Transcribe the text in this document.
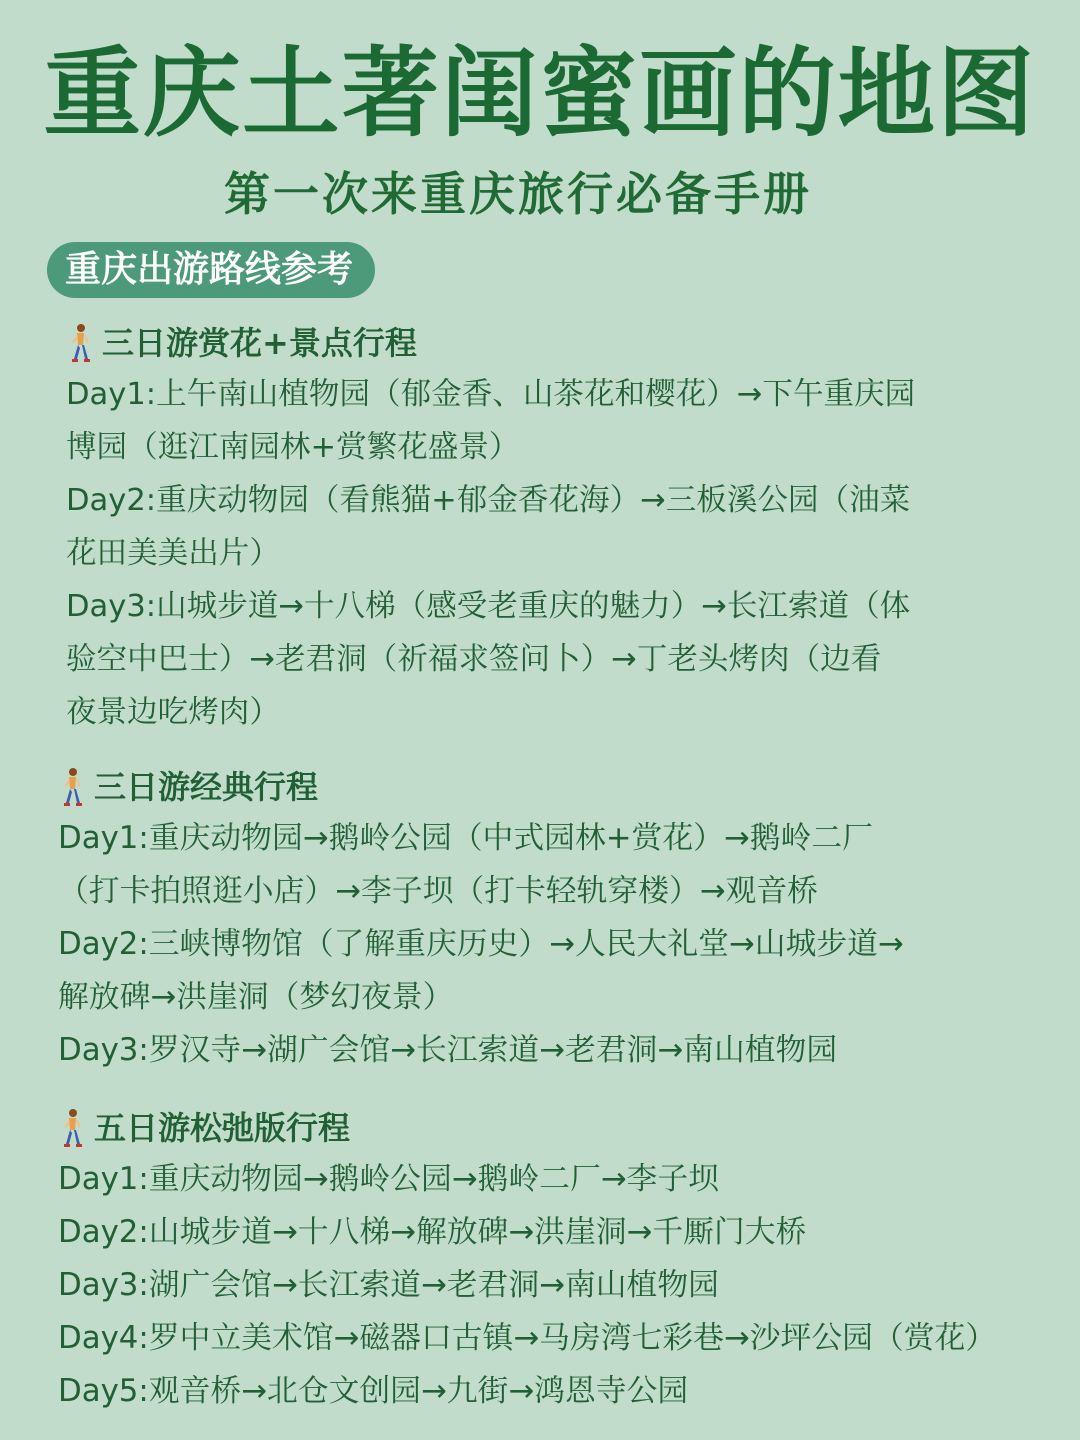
重庆土著闺蜜画的地图
第一次来重庆旅行必备手册
重庆出游路线参考
三日游赏花+景点行程
Day1:上午南山植物园（郁金香、山茶花和樱花）→下午重庆园
博园（逛江南园林+赏繁花盛景）
Day2:重庆动物园（看熊猫+郁金香花海）→三板溪公园（油菜
花田美美出片）
Day3:山城步道→十八梯（感受老重庆的魅力）→长江索道（体
验空中巴士）→老君洞（祈福求签问卜）→丁老头烤肉（边看
夜景边吃烤肉）
三日游经典行程
Day1:重庆动物园→鹅岭公园（中式园林+赏花）→鹅岭二厂
（打卡拍照逛小店）→李子坝（打卡轻轨穿楼）→观音桥
Day2:三峡博物馆（了解重庆历史）→人民大礼堂→山城步道→
解放碑→洪崖洞（梦幻夜景）
Day3:罗汉寺→湖广会馆→长江索道→老君洞→南山植物园
五日游松弛版行程
Day1:重庆动物园→鹅岭公园→鹅岭二厂→李子坝
Day2:山城步道→十八梯→解放碑→洪崖洞→千厮门大桥
Day3:湖广会馆→长江索道→老君洞→南山植物园
Day4:罗中立美术馆→磁器口古镇→马房湾七彩巷→沙坪公园（赏花）
Day5:观音桥→北仓文创园→九街→鸿恩寺公园
